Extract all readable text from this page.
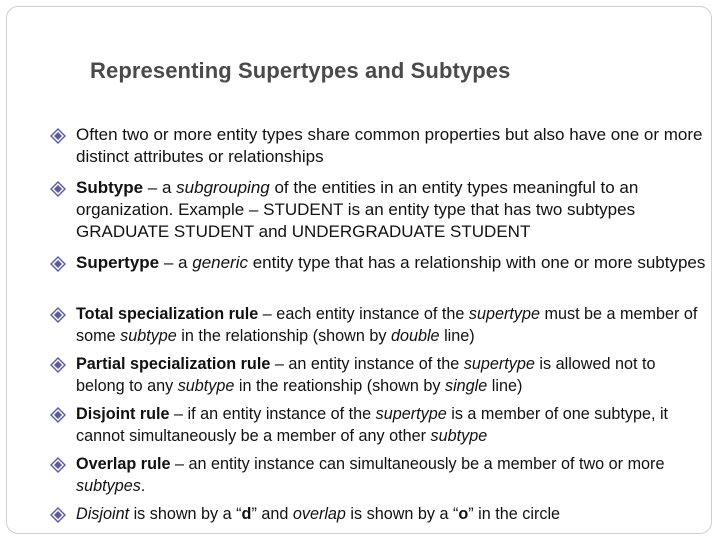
Representing Supertypes and Subtypes
Often two or more entity types share common properties but also have one or more distinct attributes or relationships
Subtype – a subgrouping of the entities in an entity types meaningful to an organization. Example – STUDENT is an entity type that has two subtypes GRADUATE STUDENT and UNDERGRADUATE STUDENT
Supertype – a generic entity type that has a relationship with one or more subtypes
Total specialization rule – each entity instance of the supertype must be a member of some subtype in the relationship (shown by double line)
Partial specialization rule – an entity instance of the supertype is allowed not to belong to any subtype in the reationship (shown by single line)
Disjoint rule – if an entity instance of the supertype is a member of one subtype, it cannot simultaneously be a member of any other subtype
Overlap rule – an entity instance can simultaneously be a member of two or more subtypes.
Disjoint is shown by a “d” and overlap is shown by a “o” in the circle
